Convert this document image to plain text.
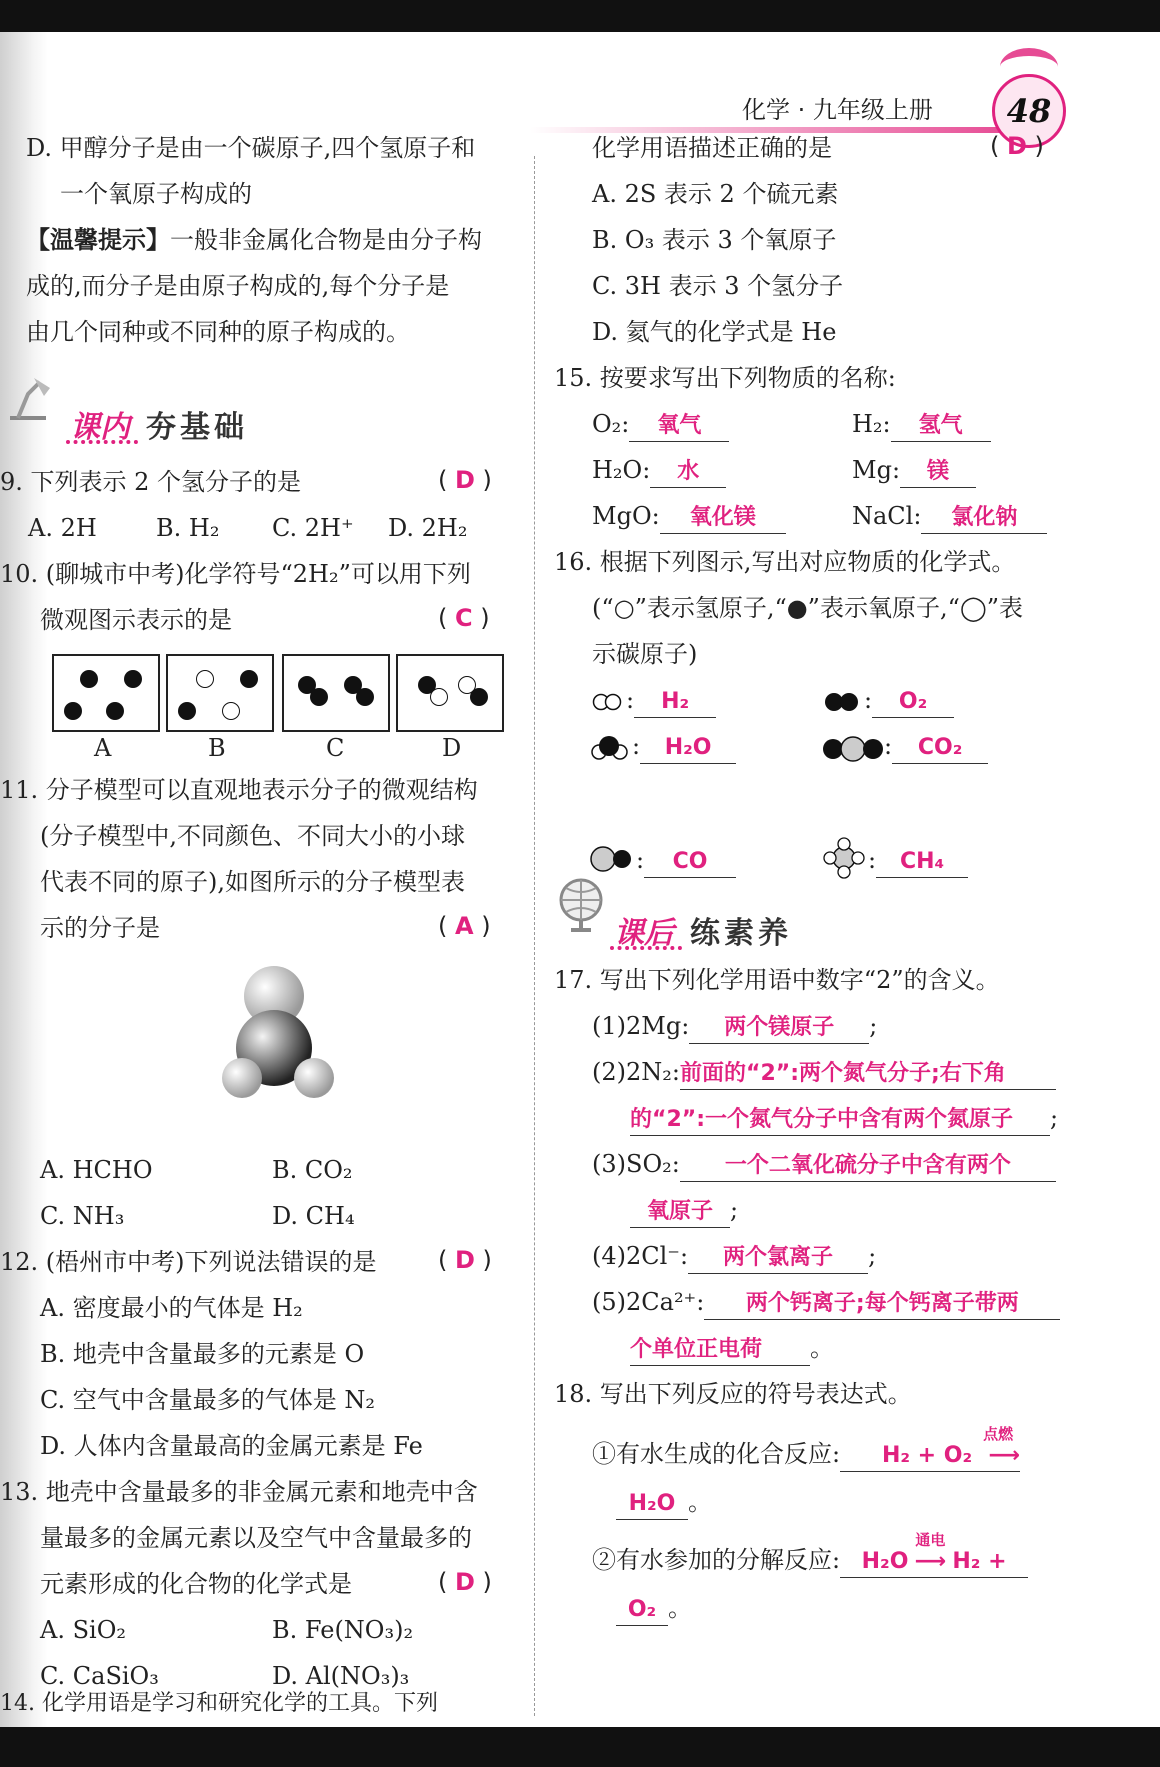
化学 · 九年级上册	48
D. 甲醇分子是由一个碳原子,四个氢原子和
一个氧原子构成的
【温馨提示】一般非金属化合物是由分子构
成的,而分子是由原子构成的,每个分子是
由几个同种或不同种的原子构成的。
课内 夯基础
9. 下列表示 2 个氢分子的是	( D )
A. 2H B. H₂ C. 2H⁺ D. 2H₂
10. (聊城市中考)化学符号“2H₂”可以用下列
微观图示表示的是	( C )
A	B	C	D
11. 分子模型可以直观地表示分子的微观结构
(分子模型中,不同颜色、不同大小的小球
代表不同的原子),如图所示的分子模型表
示的分子是	( A )
A. HCHO	B. CO₂
C. NH₃	D. CH₄
12. (梧州市中考)下列说法错误的是	( D )
A. 密度最小的气体是 H₂
B. 地壳中含量最多的元素是 O
C. 空气中含量最多的气体是 N₂
D. 人体内含量最高的金属元素是 Fe
13. 地壳中含量最多的非金属元素和地壳中含
量最多的金属元素以及空气中含量最多的
元素形成的化合物的化学式是	( D )
A. SiO₂	B. Fe(NO₃)₂
C. CaSiO₃	D. Al(NO₃)₃
14. 化学用语是学习和研究化学的工具。下列
化学用语描述正确的是	( D )
A. 2S 表示 2 个硫元素
B. O₃ 表示 3 个氧原子
C. 3H 表示 3 个氢分子
D. 氦气的化学式是 He
15. 按要求写出下列物质的名称:
O₂: 氧气	H₂: 氢气
H₂O: 水	Mg: 镁
MgO: 氧化镁	NaCl: 氯化钠
16. 根据下列图示,写出对应物质的化学式。
(“○”表示氢原子,“●”表示氧原子,“◯”表
示碳原子)
: H₂	: O₂
: H₂O	: CO₂
: CO	: CH₄
课后 练素养
17. 写出下列化学用语中数字“2”的含义。
(1)2Mg: 两个镁原子 ;
(2)2N₂:前面的“2”:两个氮气分子;右下角
的“2”:一个氮气分子中含有两个氮原子 ;
(3)SO₂: 一个二氧化硫分子中含有两个
氧原子 ;
(4)2Cl⁻: 两个氯离子 ;
(5)2Ca²⁺: 两个钙离子;每个钙离子带两
个单位正电荷 。
18. 写出下列反应的符号表达式。
①有水生成的化合反应: H₂ + O₂
点燃
⟶
H₂O 。
②有水参加的分解反应: H₂O
通电
⟶ H₂ +
O₂ 。
